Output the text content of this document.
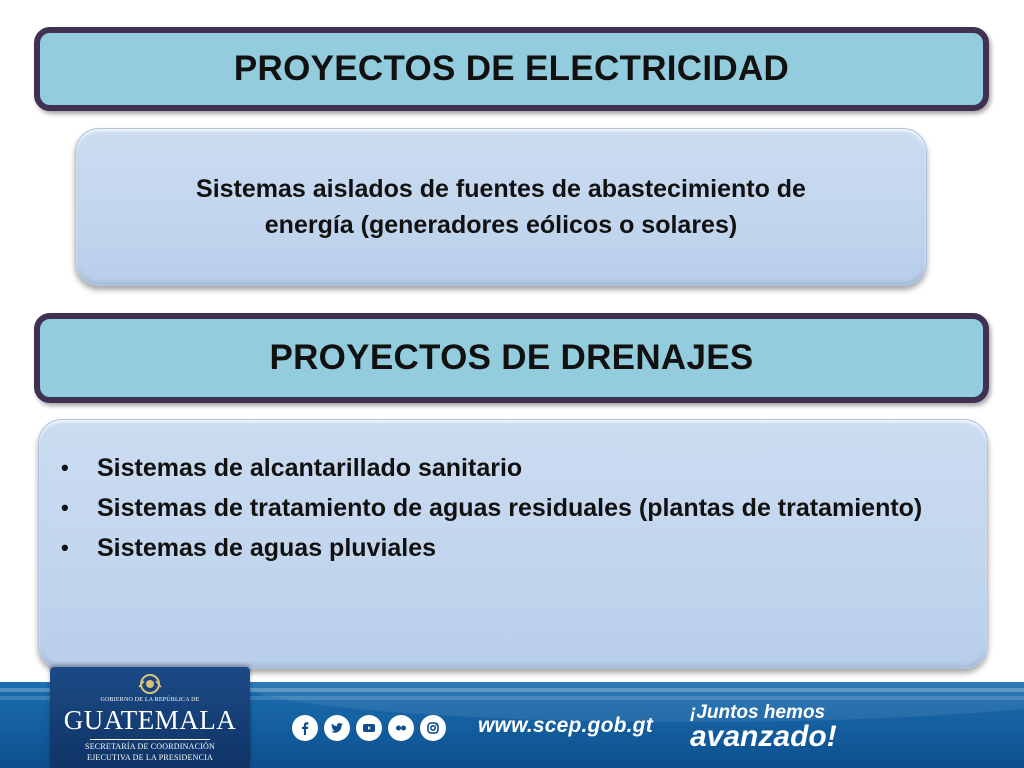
PROYECTOS DE ELECTRICIDAD

Sistemas aislados de fuentes de abastecimiento de
energía (generadores eólicos o solares)

PROYECTOS DE DRENAJES
• Sistemas de alcantarillado sanitario
• Sistemas de tratamiento de aguas residuales (plantas de tratamiento)
• Sistemas de aguas pluviales
GOBIERNO DE LA REPÚBLICA DE
GUATEMALA
SECRETARÍA DE COORDINACIÓN
EJECUTIVA DE LA PRESIDENCIA
www.scep.gob.gt
¡Juntos hemos
avanzado!
